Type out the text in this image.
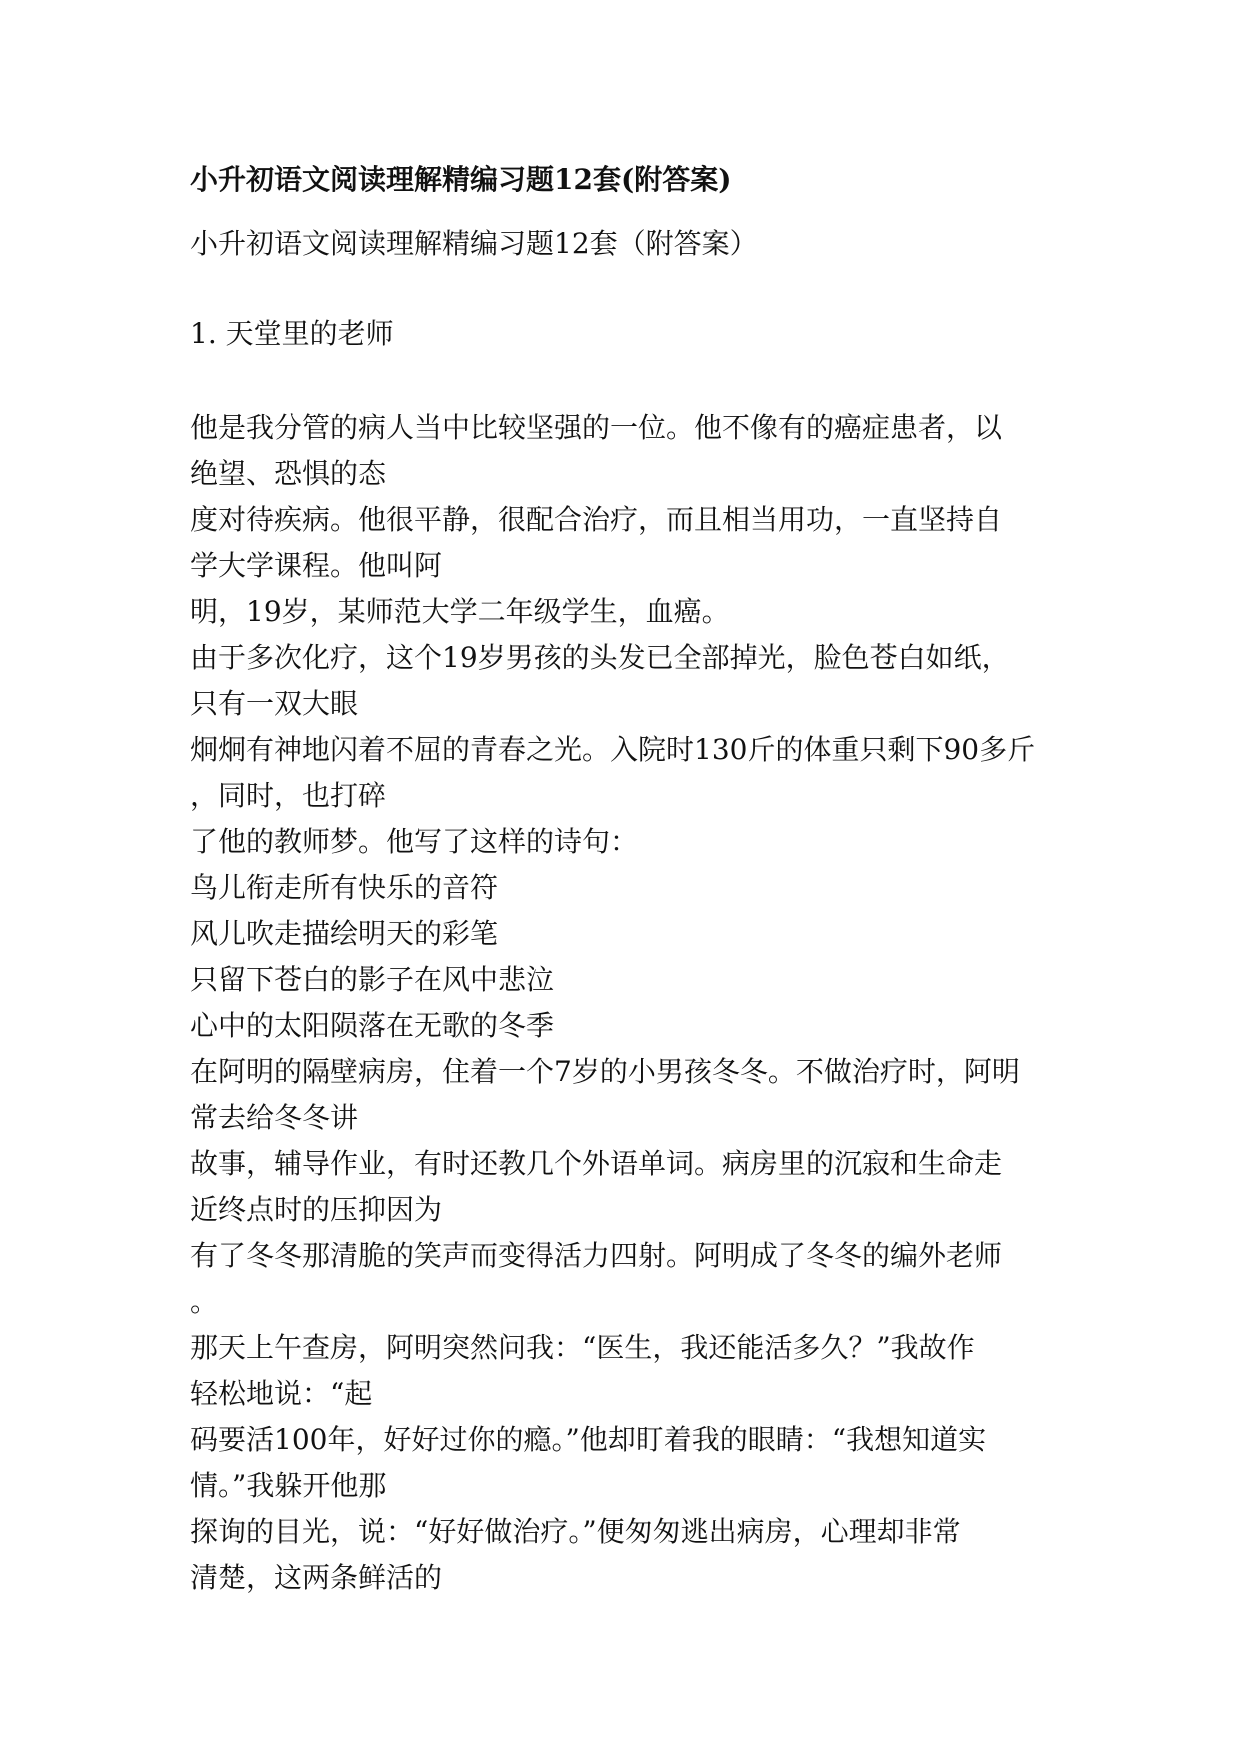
小升初语文阅读理解精编习题12套(附答案)
小升初语文阅读理解精编习题12套（附答案）
1. 天堂里的老师
他是我分管的病人当中比较坚强的一位。他不像有的癌症患者，以
绝望、恐惧的态
度对待疾病。他很平静，很配合治疗，而且相当用功，一直坚持自
学大学课程。他叫阿
明，19岁，某师范大学二年级学生，血癌。
由于多次化疗，这个19岁男孩的头发已全部掉光，脸色苍白如纸，
只有一双大眼
炯炯有神地闪着不屈的青春之光。入院时130斤的体重只剩下90多斤
，同时，也打碎
了他的教师梦。他写了这样的诗句：
鸟儿衔走所有快乐的音符
风儿吹走描绘明天的彩笔
只留下苍白的影子在风中悲泣
心中的太阳陨落在无歌的冬季
在阿明的隔壁病房，住着一个7岁的小男孩冬冬。不做治疗时，阿明
常去给冬冬讲
故事，辅导作业，有时还教几个外语单词。病房里的沉寂和生命走
近终点时的压抑因为
有了冬冬那清脆的笑声而变得活力四射。阿明成了冬冬的编外老师
。
那天上午查房，阿明突然问我：“医生，我还能活多久？”我故作
轻松地说：“起
码要活100年，好好过你的瘾。”他却盯着我的眼睛：“我想知道实
情。”我躲开他那
探询的目光，说：“好好做治疗。”便匆匆逃出病房，心理却非常
清楚，这两条鲜活的
